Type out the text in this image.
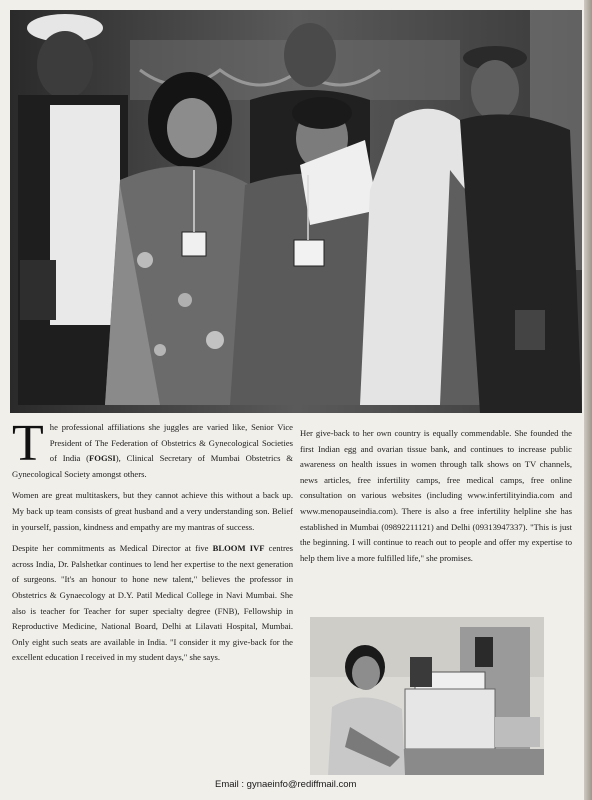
T he professional affiliations she juggles are varied like, Senior Vice President of The Federation of Obstetrics & Gynecological Societies of India (FOGSI), Clinical Secretary of Mumbai Obstetrics & Gynecological Society amongst others.

Women are great multitaskers, but they cannot achieve this without a back up. My back up team consists of great husband and a very understanding son. Belief in yourself, passion, kindness and empathy are my mantras of success.

Despite her commitments as Medical Director at five BLOOM IVF centres across India, Dr. Palshetkar continues to lend her expertise to the next generation of surgeons. "It's an honour to hone new talent," believes the professor in Obstetrics & Gynaecology at D.Y. Patil Medical College in Navi Mumbai. She also is teacher for Teacher for super specialty degree (FNB), Fellowship in Reproductive Medicine, National Board, Delhi at Lilavati Hospital, Mumbai. Only eight such seats are available in India. "I consider it my give-back for the excellent education I received in my student days," she says.

Her give-back to her own country is equally commendable. She founded the first Indian egg and ovarian tissue bank, and continues to increase public awareness on health issues in women through talk shows on TV channels, news articles, free infertility camps, free medical camps, free online consultation on various websites (including www.infertilityindia.com and www.menopauseindia.com). There is also a free infertility helpline she has established in Mumbai (09892211121) and Delhi (09313947337). "This is just the beginning. I will continue to reach out to people and offer my expertise to help them live a more fulfilled life," she promises.

Email : gynaeinfo@rediffmail.com
